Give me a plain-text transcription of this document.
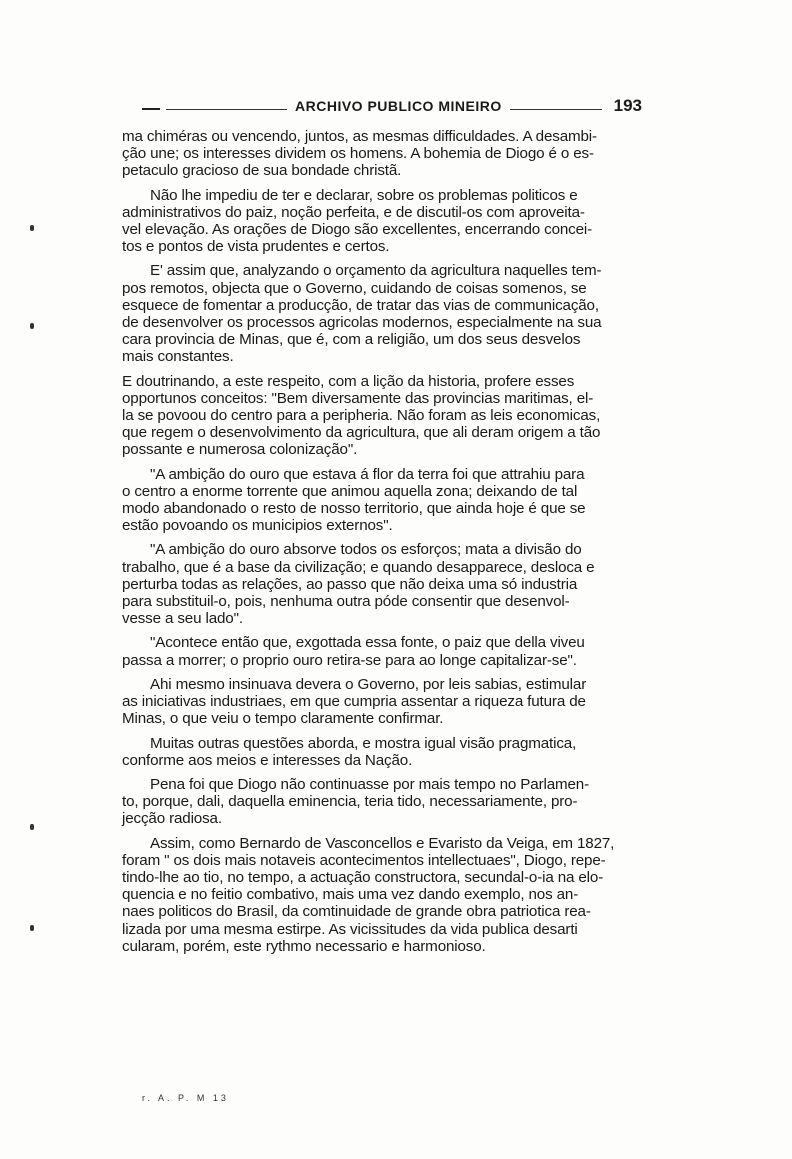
ARCHIVO PUBLICO MINEIRO	193
ma chiméras ou vencendo, juntos, as mesmas difficuldades. A desambi-
ção une; os interesses dividem os homens. A bohemia de Diogo é o es-
petaculo gracioso de sua bondade christã.
Não lhe impediu de ter e declarar, sobre os problemas politicos e
administrativos do paiz, noção perfeita, e de discutil-os com aproveita-
vel elevação. As orações de Diogo são excellentes, encerrando concei-
tos e pontos de vista prudentes e certos.
E' assim que, analyzando o orçamento da agricultura naquelles tem-
pos remotos, objecta que o Governo, cuidando de coisas somenos, se
esquece de fomentar a producção, de tratar das vias de communicação,
de desenvolver os processos agricolas modernos, especialmente na sua
cara provincia de Minas, que é, com a religião, um dos seus desvelos
mais constantes.
E doutrinando, a este respeito, com a lição da historia, profere esses
opportunos conceitos: "Bem diversamente das provincias maritimas, el-
la se povoou do centro para a peripheria. Não foram as leis economicas,
que regem o desenvolvimento da agricultura, que ali deram origem a tão
possante e numerosa colonização".
"A ambição do ouro que estava á flor da terra foi que attrahiu para
o centro a enorme torrente que animou aquella zona; deixando de tal
modo abandonado o resto de nosso territorio, que ainda hoje é que se
estão povoando os municipios externos".
"A ambição do ouro absorve todos os esforços; mata a divisão do
trabalho, que é a base da civilização; e quando desapparece, desloca e
perturba todas as relações, ao passo que não deixa uma só industria
para substituil-o, pois, nenhuma outra póde consentir que desenvol-
vesse a seu lado".
"Acontece então que, exgottada essa fonte, o paiz que della viveu
passa a morrer; o proprio ouro retira-se para ao longe capitalizar-se".
Ahi mesmo insinuava devera o Governo, por leis sabias, estimular
as iniciativas industriaes, em que cumpria assentar a riqueza futura de
Minas, o que veiu o tempo claramente confirmar.
Muitas outras questões aborda, e mostra igual visão pragmatica,
conforme aos meios e interesses da Nação.
Pena foi que Diogo não continuasse por mais tempo no Parlamen-
to, porque, dali, daquella eminencia, teria tido, necessariamente, pro-
jecção radiosa.
Assim, como Bernardo de Vasconcellos e Evaristo da Veiga, em 1827,
foram " os dois mais notaveis acontecimentos intellectuaes", Diogo, repe-
tindo-lhe ao tio, no tempo, a actuação constructora, secundal-o-ia na elo-
quencia e no feitio combativo, mais uma vez dando exemplo, nos an-
naes politicos do Brasil, da comtinuidade de grande obra patriotica rea-
lizada por uma mesma estirpe. As vicissitudes da vida publica desarti
cularam, porém, este rythmo necessario e harmonioso.
r. A. P. M 13
